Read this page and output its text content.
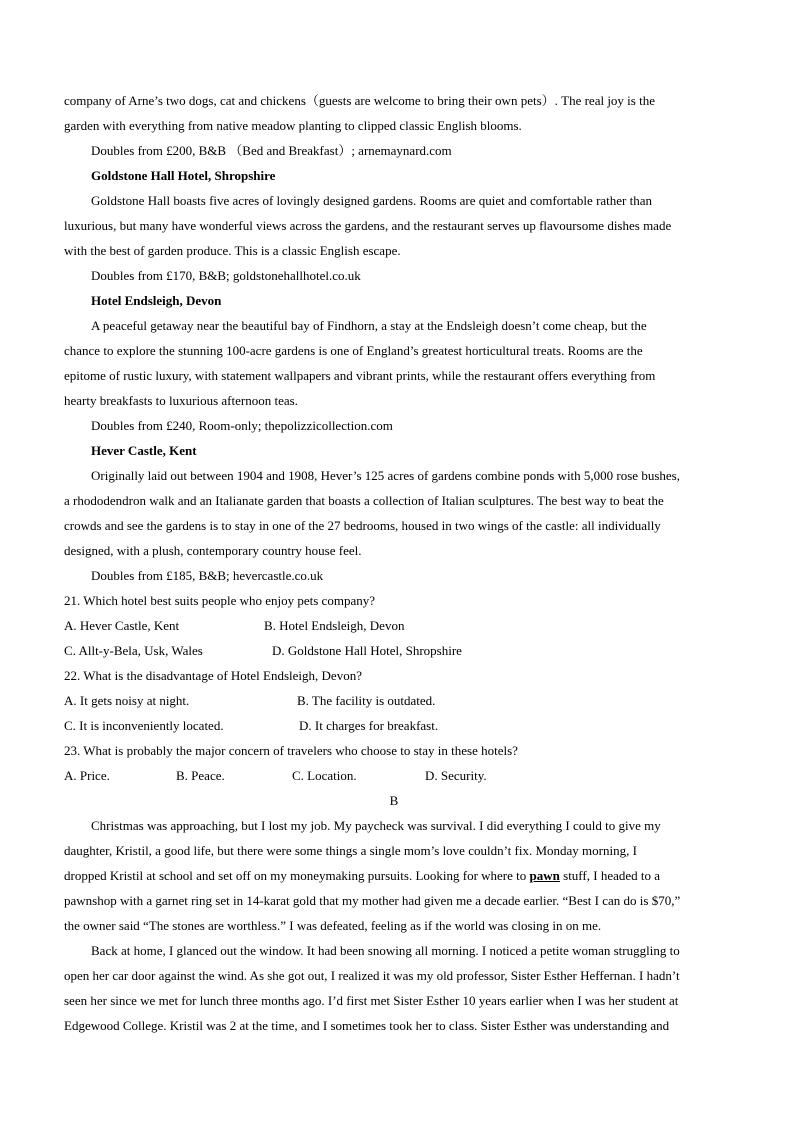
company of Arne’s two dogs, cat and chickens（guests are welcome to bring their own pets）. The real joy is the
garden with everything from native meadow planting to clipped classic English blooms.
Doubles from £200, B&B （Bed and Breakfast）; arnemaynard.com
Goldstone Hall Hotel, Shropshire
Goldstone Hall boasts five acres of lovingly designed gardens. Rooms are quiet and comfortable rather than
luxurious, but many have wonderful views across the gardens, and the restaurant serves up flavoursome dishes made
with the best of garden produce. This is a classic English escape.
Doubles from £170, B&B; goldstonehallhotel.co.uk
Hotel Endsleigh, Devon
A peaceful getaway near the beautiful bay of Findhorn, a stay at the Endsleigh doesn’t come cheap, but the
chance to explore the stunning 100-acre gardens is one of England’s greatest horticultural treats. Rooms are the
epitome of rustic luxury, with statement wallpapers and vibrant prints, while the restaurant offers everything from
hearty breakfasts to luxurious afternoon teas.
Doubles from £240, Room-only; thepolizzicollection.com
Hever Castle, Kent
Originally laid out between 1904 and 1908, Hever’s 125 acres of gardens combine ponds with 5,000 rose bushes,
a rhododendron walk and an Italianate garden that boasts a collection of Italian sculptures. The best way to beat the
crowds and see the gardens is to stay in one of the 27 bedrooms, housed in two wings of the castle: all individually
designed, with a plush, contemporary country house feel.
Doubles from £185, B&B; hevercastle.co.uk
21. Which hotel best suits people who enjoy pets company?
A. Hever Castle, Kent	B. Hotel Endsleigh, Devon
C. Allt-y-Bela, Usk, Wales	D. Goldstone Hall Hotel, Shropshire
22. What is the disadvantage of Hotel Endsleigh, Devon?
A. It gets noisy at night.	B. The facility is outdated.
C. It is inconveniently located.	D. It charges for breakfast.
23. What is probably the major concern of travelers who choose to stay in these hotels?
A. Price.	B. Peace.	C. Location.	D. Security.
B
Christmas was approaching, but I lost my job. My paycheck was survival. I did everything I could to give my
daughter, Kristil, a good life, but there were some things a single mom’s love couldn’t fix. Monday morning, I
dropped Kristil at school and set off on my moneymaking pursuits. Looking for where to pawn stuff, I headed to a
pawnshop with a garnet ring set in 14-karat gold that my mother had given me a decade earlier. “Best I can do is $70,”
the owner said “The stones are worthless.” I was defeated, feeling as if the world was closing in on me.
Back at home, I glanced out the window. It had been snowing all morning. I noticed a petite woman struggling to
open her car door against the wind. As she got out, I realized it was my old professor, Sister Esther Heffernan. I hadn’t
seen her since we met for lunch three months ago. I’d first met Sister Esther 10 years earlier when I was her student at
Edgewood College. Kristil was 2 at the time, and I sometimes took her to class. Sister Esther was understanding and
